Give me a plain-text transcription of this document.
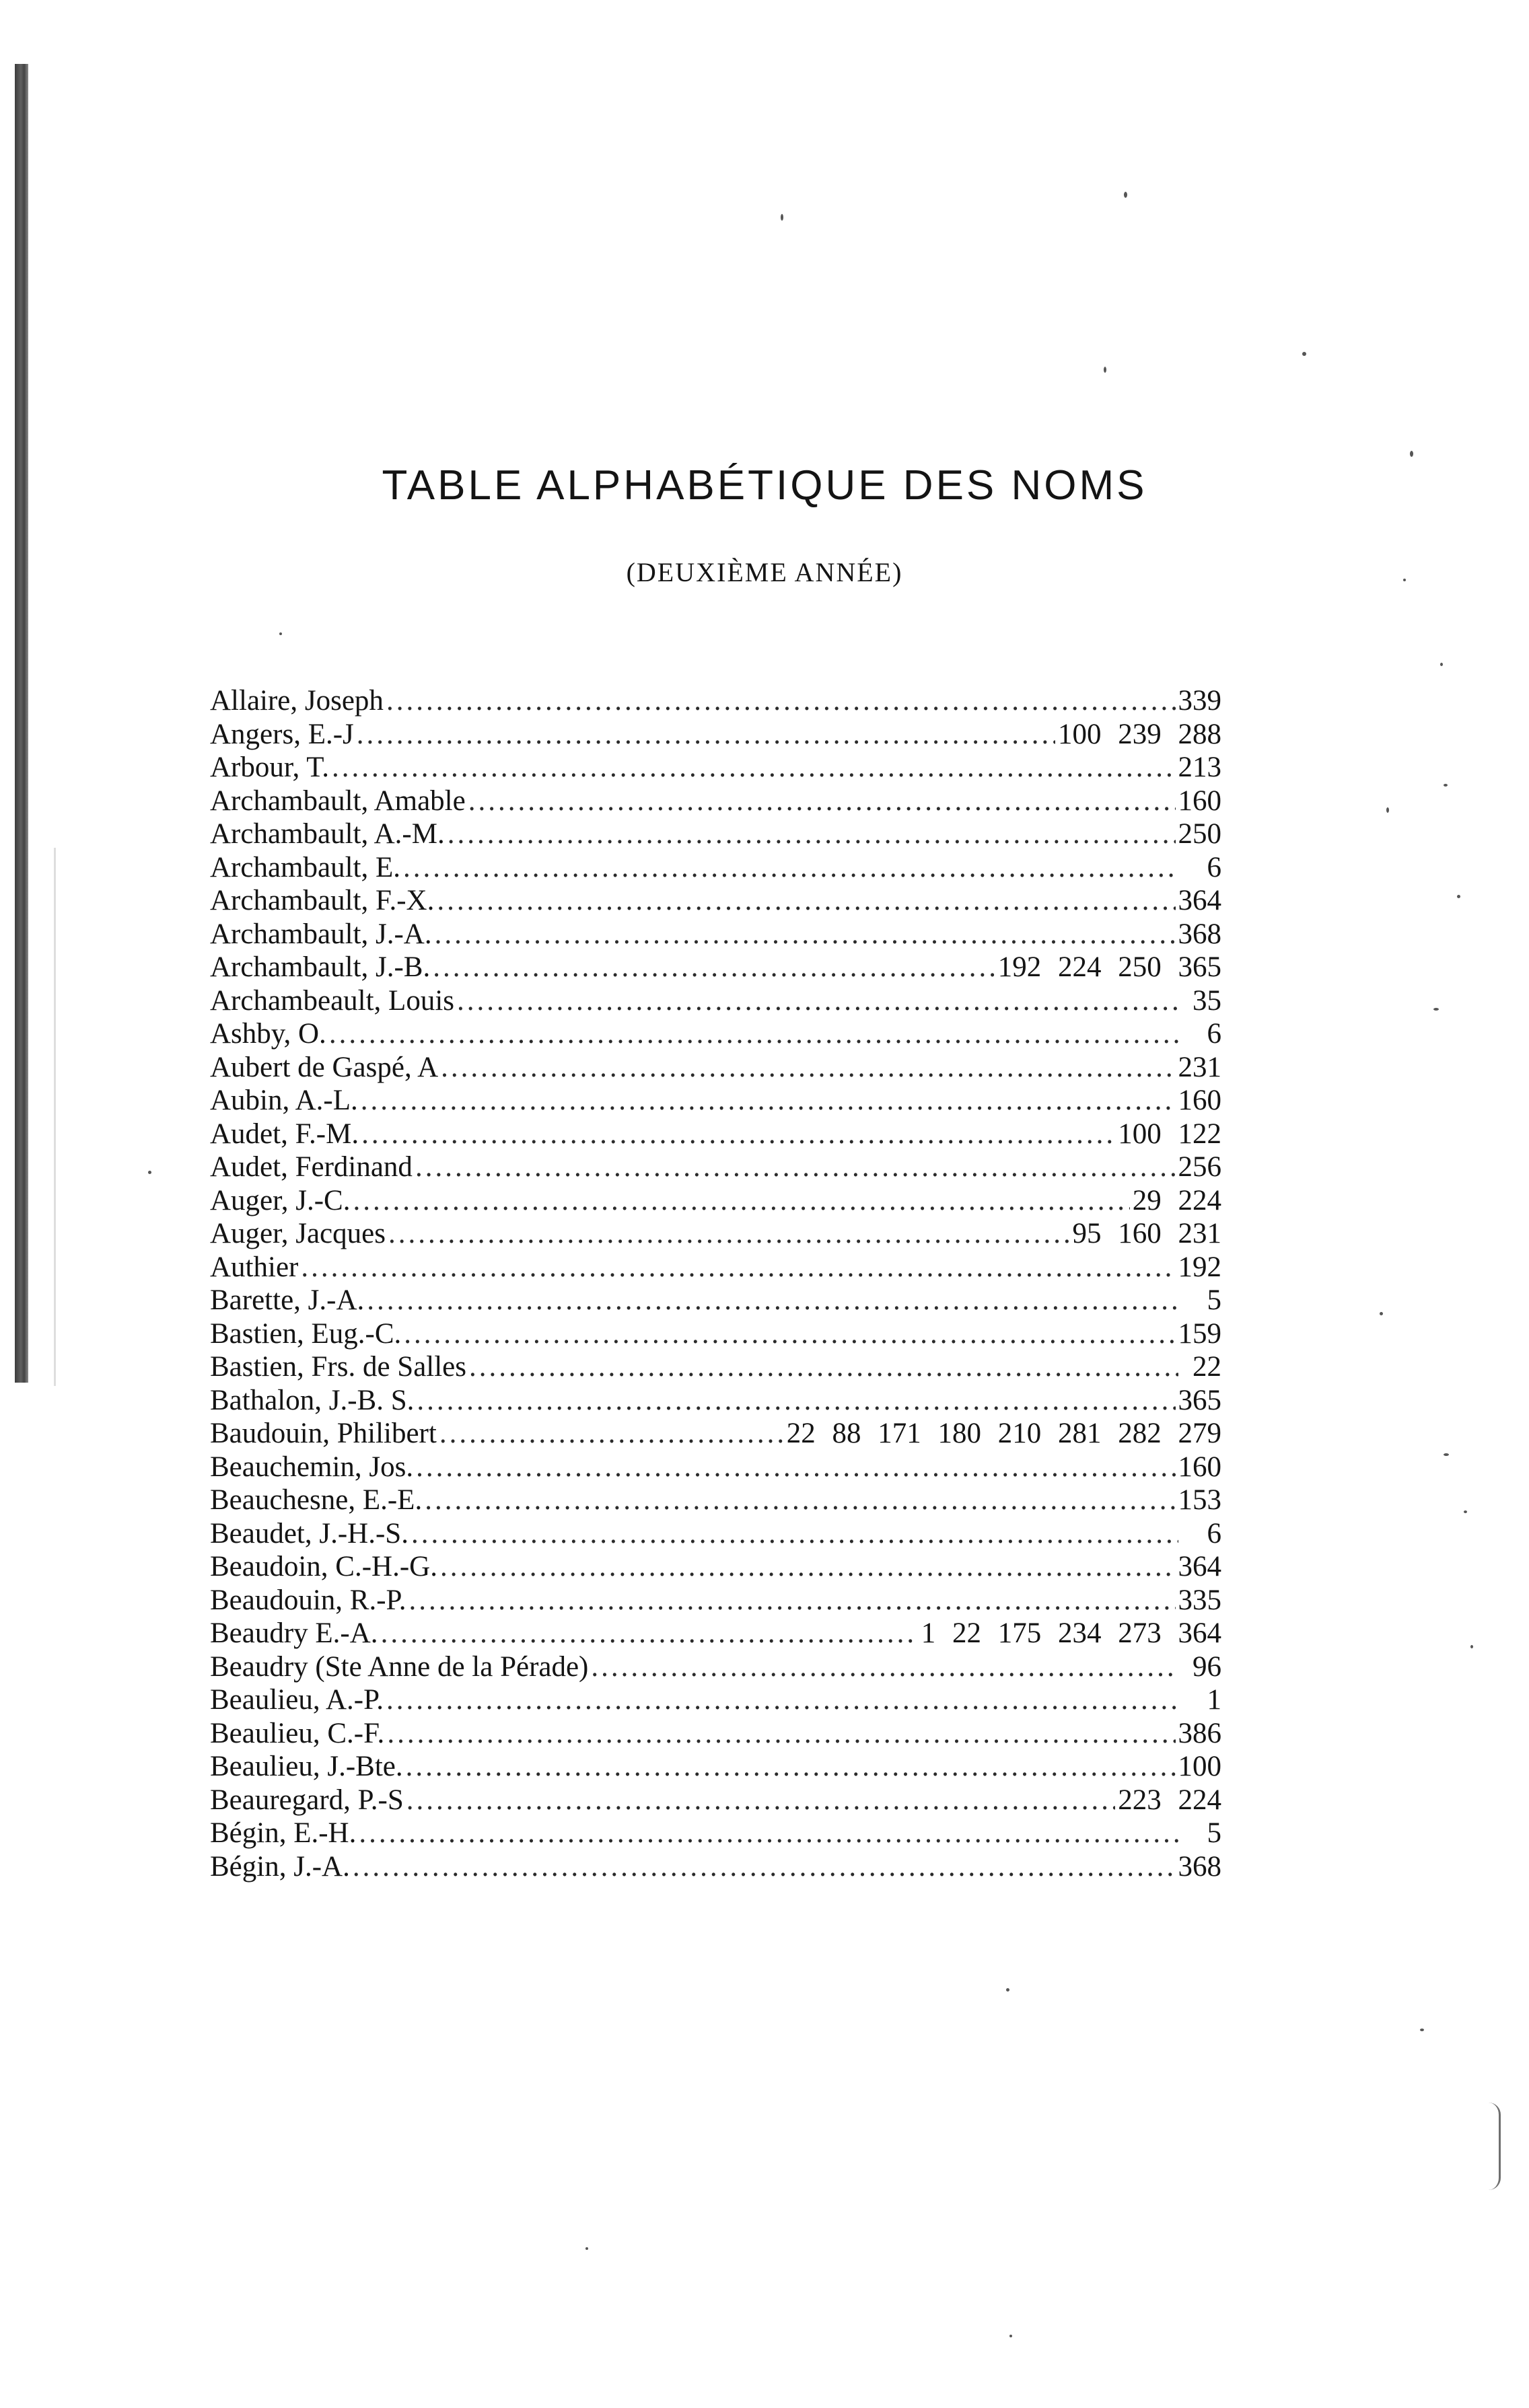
TABLE ALPHABÉTIQUE DES NOMS

(DEUXIÈME ANNÉE)

Allaire, Joseph .....	339
Angers, E.-J .....	100 239 288
Arbour, T. .....	213
Archambault, Amable .....	160
Archambault, A.-M. .....	250
Archambault, E. .....	6
Archambault, F.-X. .....	364
Archambault, J.-A. .....	368
Archambault, J.-B. .....	192 224 250 365
Archambeault, Louis .....	35
Ashby, O. .....	6
Aubert de Gaspé, A .....	231
Aubin, A.-L. .....	160
Audet, F.-M. .....	100 122
Audet, Ferdinand .....	256
Auger, J.-C. .....	29 224
Auger, Jacques .....	95 160 231
Authier .....	192
Barette, J.-A. .....	5
Bastien, Eug.-C. .....	159
Bastien, Frs. de Salles .....	22
Bathalon, J.-B. S. .....	365
Baudouin, Philibert .....	22 88 171 180 210 281 282 279
Beauchemin, Jos. .....	160
Beauchesne, E.-E. .....	153
Beaudet, J.-H.-S. .....	6
Beaudoin, C.-H.-G. .....	364
Beaudouin, R.-P. .....	335
Beaudry E.-A. .....	1 22 175 234 273 364
Beaudry (Ste Anne de la Pérade) .....	96
Beaulieu, A.-P. .....	1
Beaulieu, C.-F. .....	386
Beaulieu, J.-Bte. .....	100
Beauregard, P.-S .....	223 224
Bégin, E.-H. .....	5
Bégin, J.-A. .....	368
